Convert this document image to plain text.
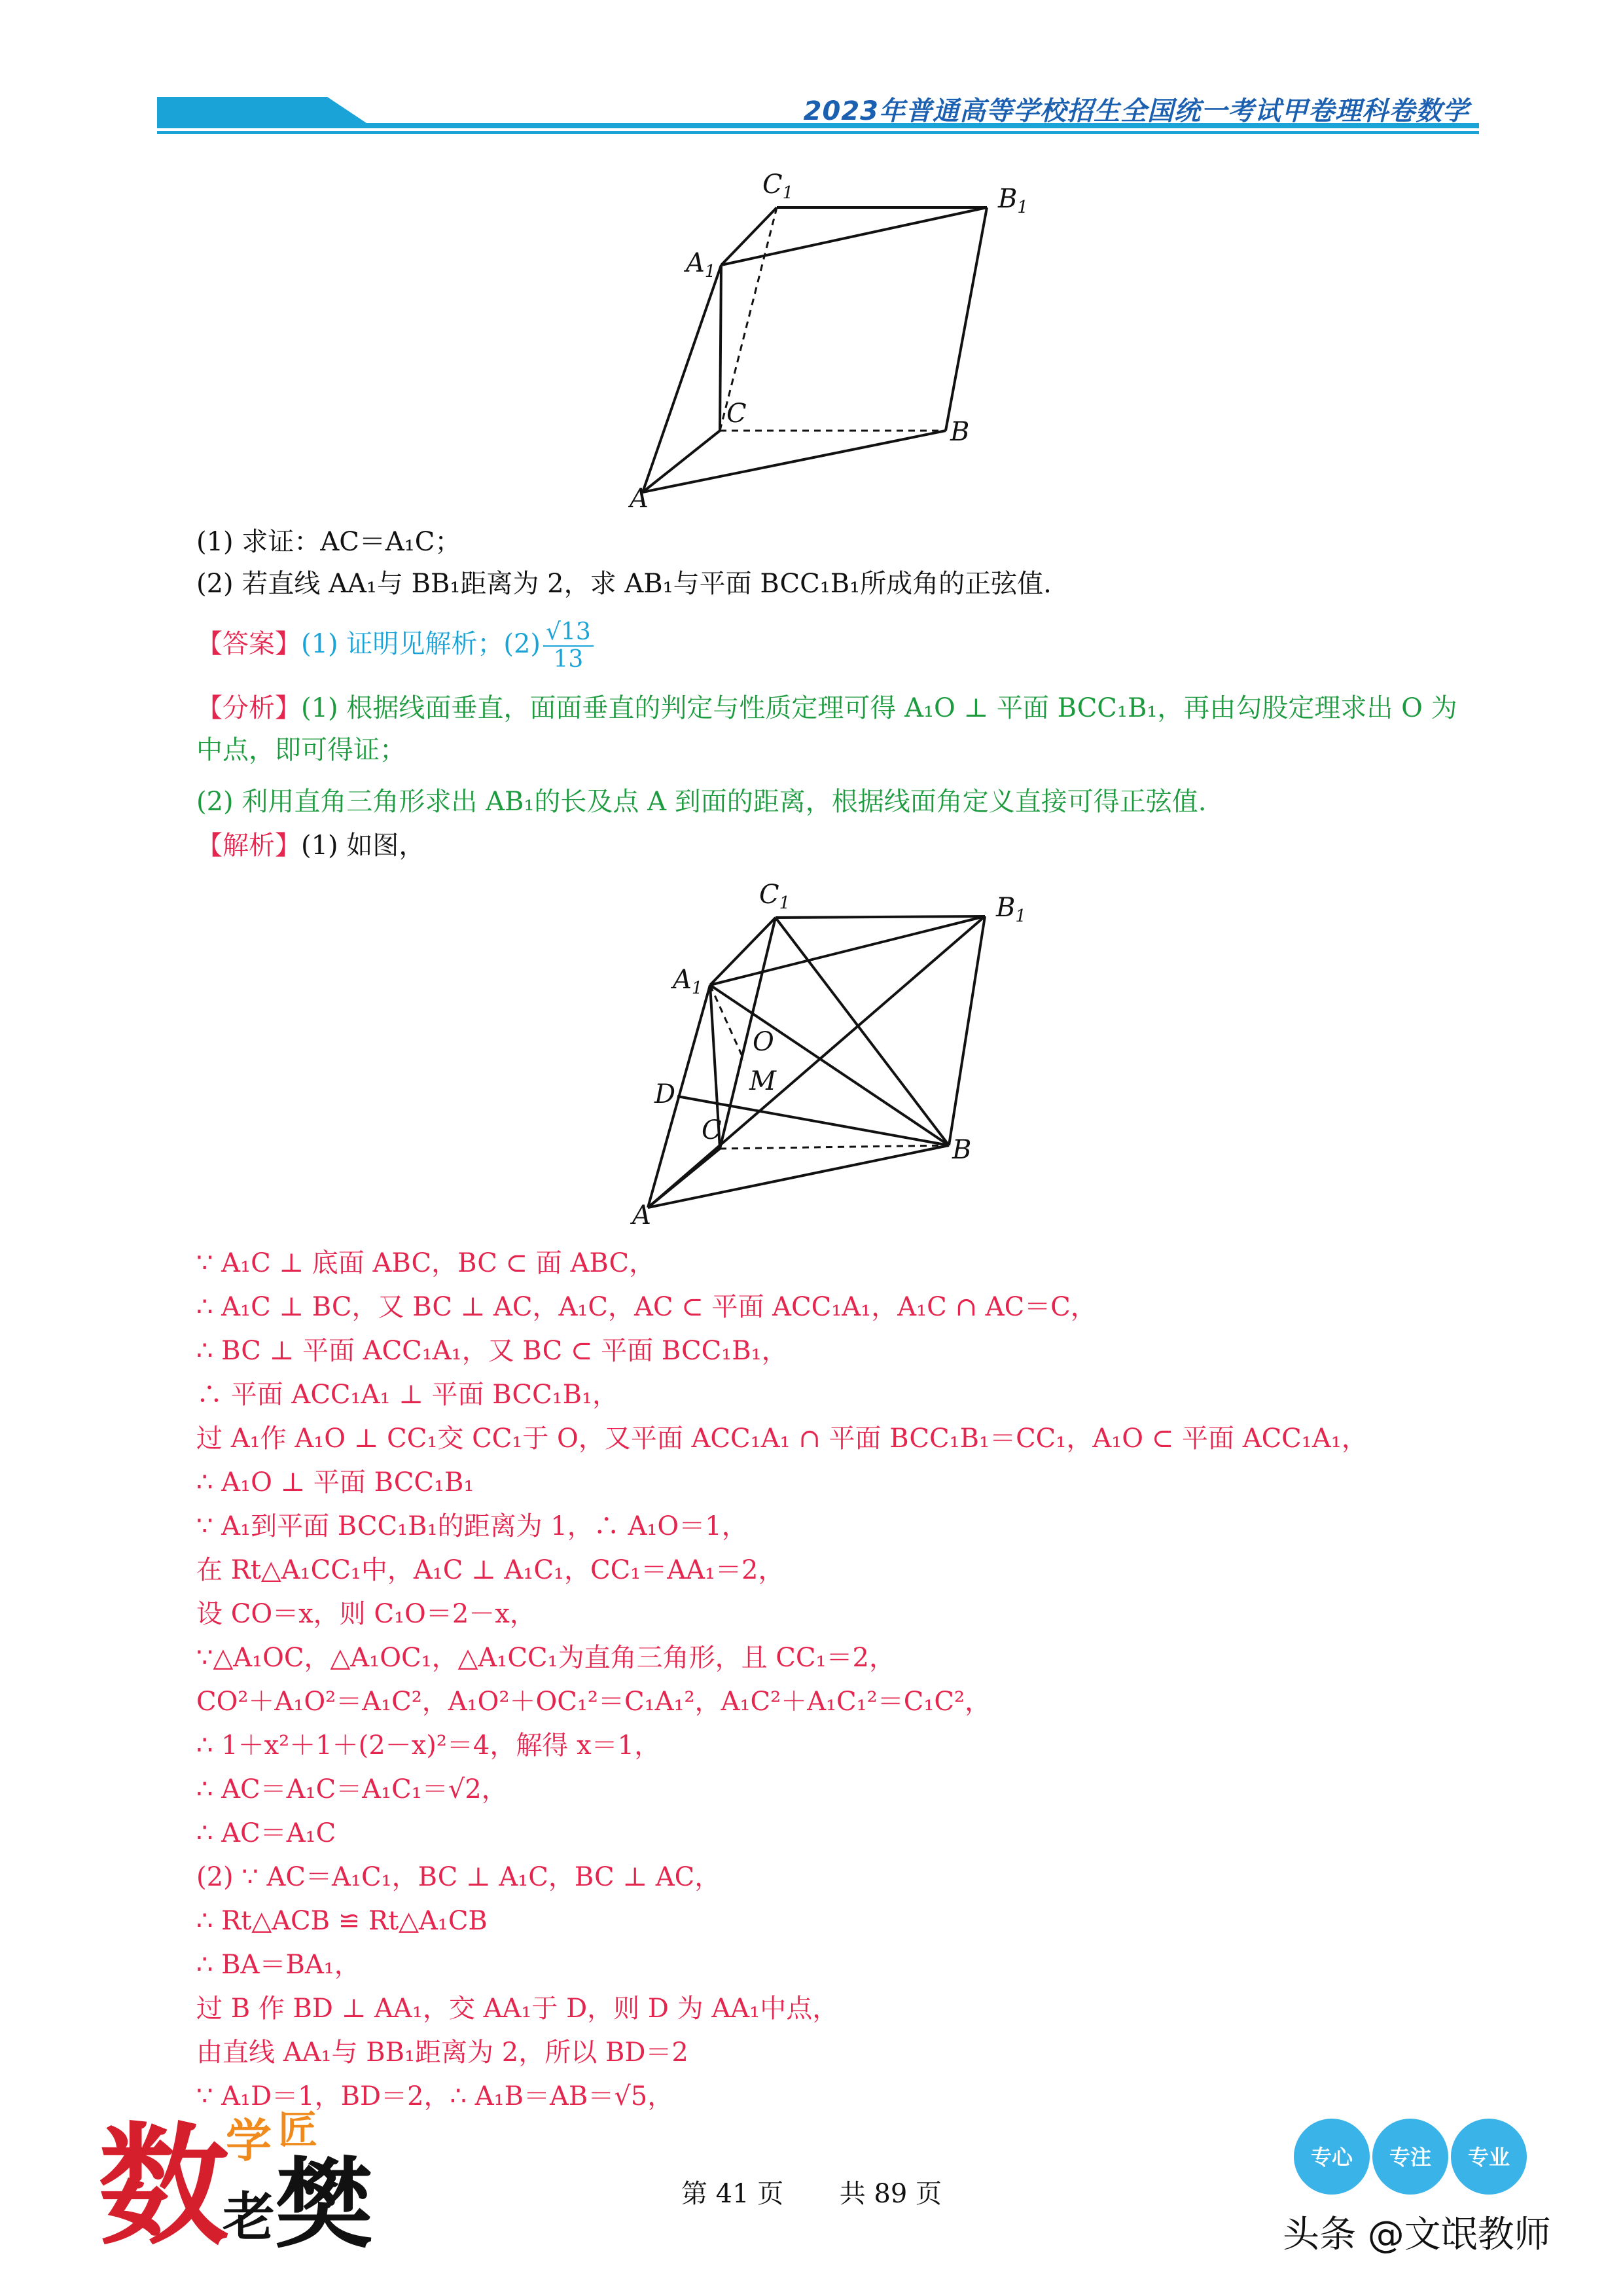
2023年普通高等学校招生全国统一考试甲卷理科卷数学
$C_1$	$B_1$
$A_1$
C
B
A
(1) 求证：AC＝A₁C；
(2) 若直线 AA₁与 BB₁距离为 2，求 AB₁与平面 BCC₁B₁所成角的正弦值.
【答案】(1) 证明见解析；$(2) \frac{√13}{13}$
【分析】(1) 根据线面垂直，面面垂直的判定与性质定理可得 A₁O ⊥ 平面 BCC₁B₁，再由勾股定理求出 O 为中点，即可得证；
(2) 利用直角三角形求出 AB₁的长及点 A 到面的距离，根据线面角定义直接可得正弦值.
【解析】(1) 如图，
$C_1$	$B_1$
$A_1$
O
M
D
C
B
A
∵ A₁C ⊥ 底面 ABC，BC ⊂ 面 ABC，
∴ A₁C ⊥ BC，又 BC ⊥ AC，A₁C，AC ⊂ 平面 ACC₁A₁，A₁C ∩ AC＝C，
∴ BC ⊥ 平面 ACC₁A₁，又 BC ⊂ 平面 BCC₁B₁，
∴ 平面 ACC₁A₁ ⊥ 平面 BCC₁B₁，
过 A₁作 A₁O ⊥ CC₁交 CC₁于 O，又平面 ACC₁A₁ ∩ 平面 BCC₁B₁＝CC₁，A₁O ⊂ 平面 ACC₁A₁，
∴ A₁O ⊥ 平面 BCC₁B₁
∵ A₁到平面 BCC₁B₁的距离为 1，∴ A₁O＝1，
在 Rt△A₁CC₁中，A₁C ⊥ A₁C₁，CC₁＝AA₁＝2，
设 CO＝x，则 C₁O＝2－x，
∵△A₁OC，△A₁OC₁，△A₁CC₁为直角三角形，且 CC₁＝2，
CO²＋A₁O²＝A₁C²，A₁O²＋OC₁²＝C₁A₁²，A₁C²＋A₁C₁²＝C₁C²，
∴ 1＋x²＋1＋(2－x)²＝4，解得 x＝1，
∴ AC＝A₁C＝A₁C₁＝√2，
∴ AC＝A₁C
(2) ∵ AC＝A₁C₁，BC ⊥ A₁C，BC ⊥ AC，
∴ Rt△ACB ≌ Rt△A₁CB
∴ BA＝BA₁，
过 B 作 BD ⊥ AA₁，交 AA₁于 D，则 D 为 AA₁中点，
由直线 AA₁与 BB₁距离为 2，所以 BD＝2
∵ A₁D＝1，BD＝2，∴ A₁B＝AB＝√5，
第 41 页 共 89 页
数
学 匠
老 樊	专心 专注 专业
头条 @文氓教师
